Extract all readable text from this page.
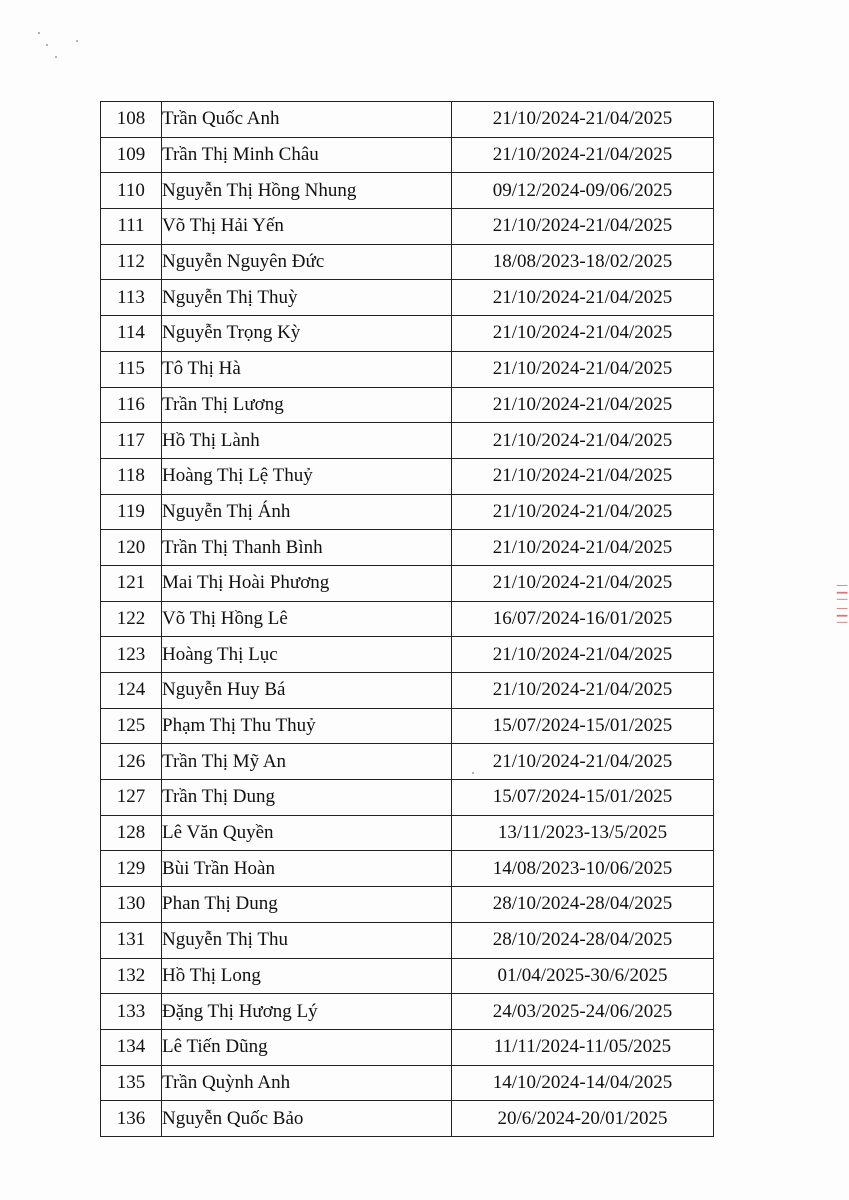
▏▎▏ ▏▎▏
108	Trần Quốc Anh	21/10/2024-21/04/2025
109	Trần Thị Minh Châu	21/10/2024-21/04/2025
110	Nguyễn Thị Hồng Nhung	09/12/2024-09/06/2025
111	Võ Thị Hải Yến	21/10/2024-21/04/2025
112	Nguyễn Nguyên Đức	18/08/2023-18/02/2025
113	Nguyễn Thị Thuỳ	21/10/2024-21/04/2025
114	Nguyễn Trọng Kỳ	21/10/2024-21/04/2025
115	Tô Thị Hà	21/10/2024-21/04/2025
116	Trần Thị Lương	21/10/2024-21/04/2025
117	Hồ Thị Lành	21/10/2024-21/04/2025
118	Hoàng Thị Lệ Thuỷ	21/10/2024-21/04/2025
119	Nguyễn Thị Ánh	21/10/2024-21/04/2025
120	Trần Thị Thanh Bình	21/10/2024-21/04/2025
121	Mai Thị Hoài Phương	21/10/2024-21/04/2025
122	Võ Thị Hồng Lê	16/07/2024-16/01/2025
123	Hoàng Thị Lục	21/10/2024-21/04/2025
124	Nguyễn Huy Bá	21/10/2024-21/04/2025
125	Phạm Thị Thu Thuỷ	15/07/2024-15/01/2025
126	Trần Thị Mỹ An	21/10/2024-21/04/2025
127	Trần Thị Dung	15/07/2024-15/01/2025
128	Lê Văn Quyền	13/11/2023-13/5/2025
129	Bùi Trần Hoàn	14/08/2023-10/06/2025
130	Phan Thị Dung	28/10/2024-28/04/2025
131	Nguyễn Thị Thu	28/10/2024-28/04/2025
132	Hồ Thị Long	01/04/2025-30/6/2025
133	Đặng Thị Hương Lý	24/03/2025-24/06/2025
134	Lê Tiến Dũng	11/11/2024-11/05/2025
135	Trần Quỳnh Anh	14/10/2024-14/04/2025
136	Nguyễn Quốc Bảo	20/6/2024-20/01/2025
